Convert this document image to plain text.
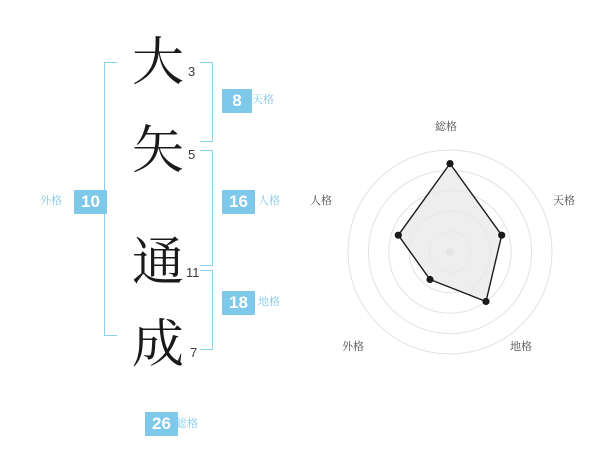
大 3
矢 5
通 11
成 7
8 天格
16 人格
18 地格
10
外格
26 総格
総格
天格
地格
外格
人格
